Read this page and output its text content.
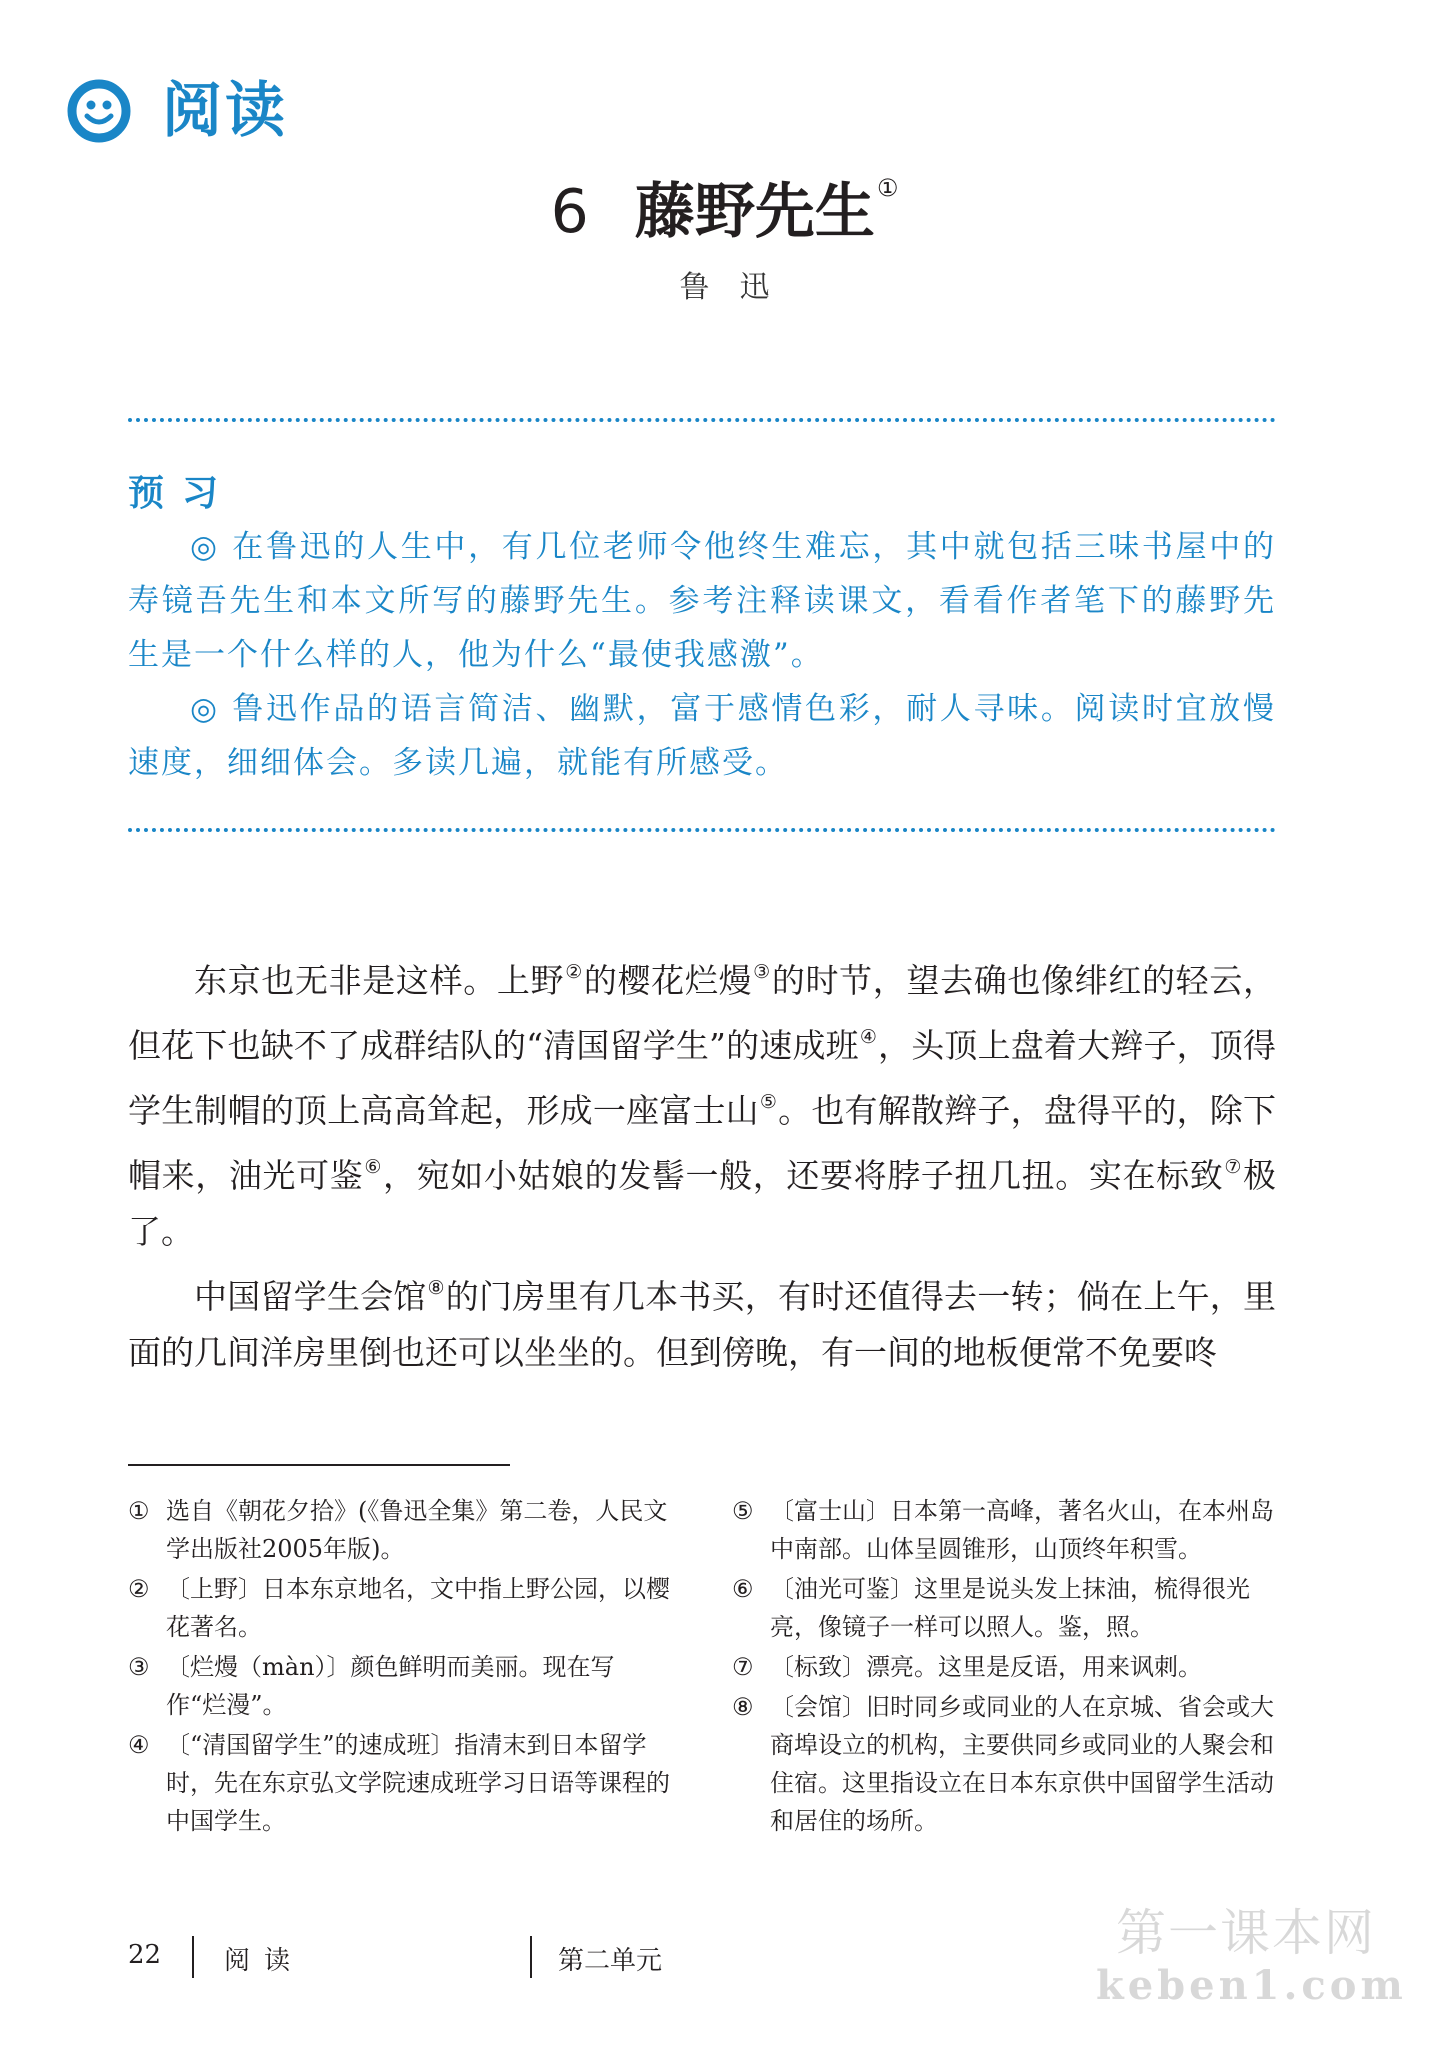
阅读
6 藤野先生①
鲁迅
预习

◎ 在鲁迅的人生中，有几位老师令他终生难忘，其中就包括三味书屋中的寿镜吾先生和本文所写的藤野先生。参考注释读课文，看看作者笔下的藤野先生是一个什么样的人，他为什么“最使我感激”。

◎ 鲁迅作品的语言简洁、幽默，富于感情色彩，耐人寻味。阅读时宜放慢速度，细细体会。多读几遍，就能有所感受。

东京也无非是这样。上野②的樱花烂熳③的时节，望去确也像绯红的轻云，但花下也缺不了成群结队的“清国留学生”的速成班④，头顶上盘着大辫子，顶得学生制帽的顶上高高耸起，形成一座富士山⑤。也有解散辫子，盘得平的，除下帽来，油光可鉴⑥，宛如小姑娘的发髻一般，还要将脖子扭几扭。实在标致⑦极了。

中国留学生会馆⑧的门房里有几本书买，有时还值得去一转；倘在上午，里面的几间洋房里倒也还可以坐坐的。但到傍晚，有一间的地板便常不免要咚

① 选自《朝花夕拾》(《鲁迅全集》第二卷，人民文学出版社2005年版)。
② 〔上野〕日本东京地名，文中指上野公园，以樱花著名。
③ 〔烂熳（màn）〕颜色鲜明而美丽。现在写作“烂漫”。
④ 〔“清国留学生”的速成班〕指清末到日本留学时，先在东京弘文学院速成班学习日语等课程的中国学生。
⑤ 〔富士山〕日本第一高峰，著名火山，在本州岛中南部。山体呈圆锥形，山顶终年积雪。
⑥ 〔油光可鉴〕这里是说头发上抹油，梳得很光亮，像镜子一样可以照人。鉴，照。
⑦ 〔标致〕漂亮。这里是反语，用来讽刺。
⑧ 〔会馆〕旧时同乡或同业的人在京城、省会或大商埠设立的机构，主要供同乡或同业的人聚会和住宿。这里指设立在日本东京供中国留学生活动和居住的场所。
22 阅读	第二单元	第一课本网
keben1.com
